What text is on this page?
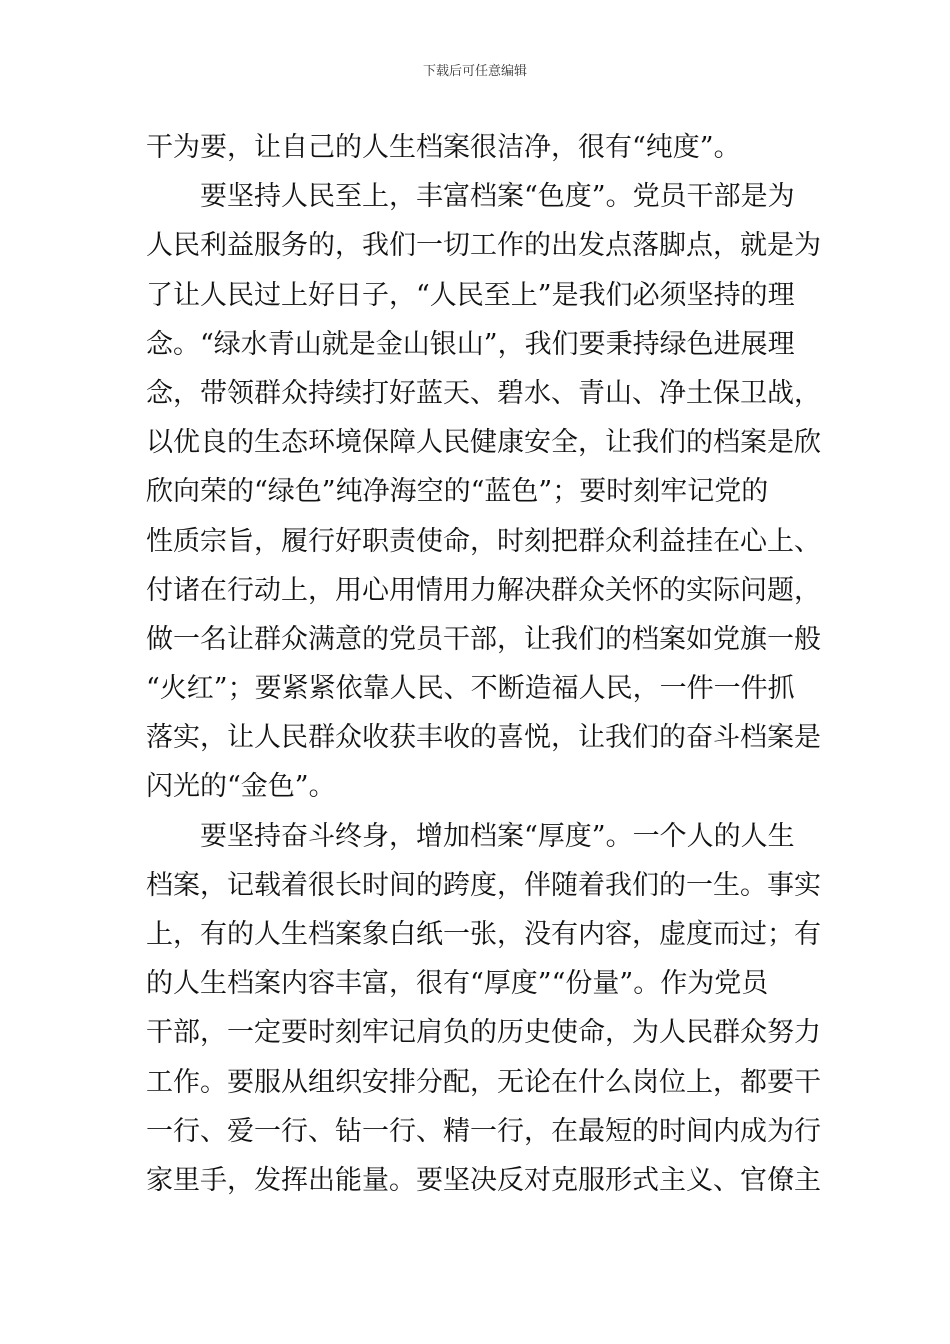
下载后可任意编辑
干为要，让自己的人生档案很洁净，很有“纯度”。
要坚持人民至上，丰富档案“色度”。党员干部是为
人民利益服务的，我们一切工作的出发点落脚点，就是为
了让人民过上好日子，“人民至上”是我们必须坚持的理
念。“绿水青山就是金山银山”，我们要秉持绿色进展理
念，带领群众持续打好蓝天、碧水、青山、净土保卫战，
以优良的生态环境保障人民健康安全，让我们的档案是欣
欣向荣的“绿色”纯净海空的“蓝色”；要时刻牢记党的
性质宗旨，履行好职责使命，时刻把群众利益挂在心上、
付诸在行动上，用心用情用力解决群众关怀的实际问题，
做一名让群众满意的党员干部，让我们的档案如党旗一般
“火红”；要紧紧依靠人民、不断造福人民，一件一件抓
落实，让人民群众收获丰收的喜悦，让我们的奋斗档案是
闪光的“金色”。
要坚持奋斗终身，增加档案“厚度”。一个人的人生
档案，记载着很长时间的跨度，伴随着我们的一生。事实
上，有的人生档案象白纸一张，没有内容，虚度而过；有
的人生档案内容丰富，很有“厚度”“份量”。作为党员
干部，一定要时刻牢记肩负的历史使命，为人民群众努力
工作。要服从组织安排分配，无论在什么岗位上，都要干
一行、爱一行、钻一行、精一行，在最短的时间内成为行
家里手，发挥出能量。要坚决反对克服形式主义、官僚主
